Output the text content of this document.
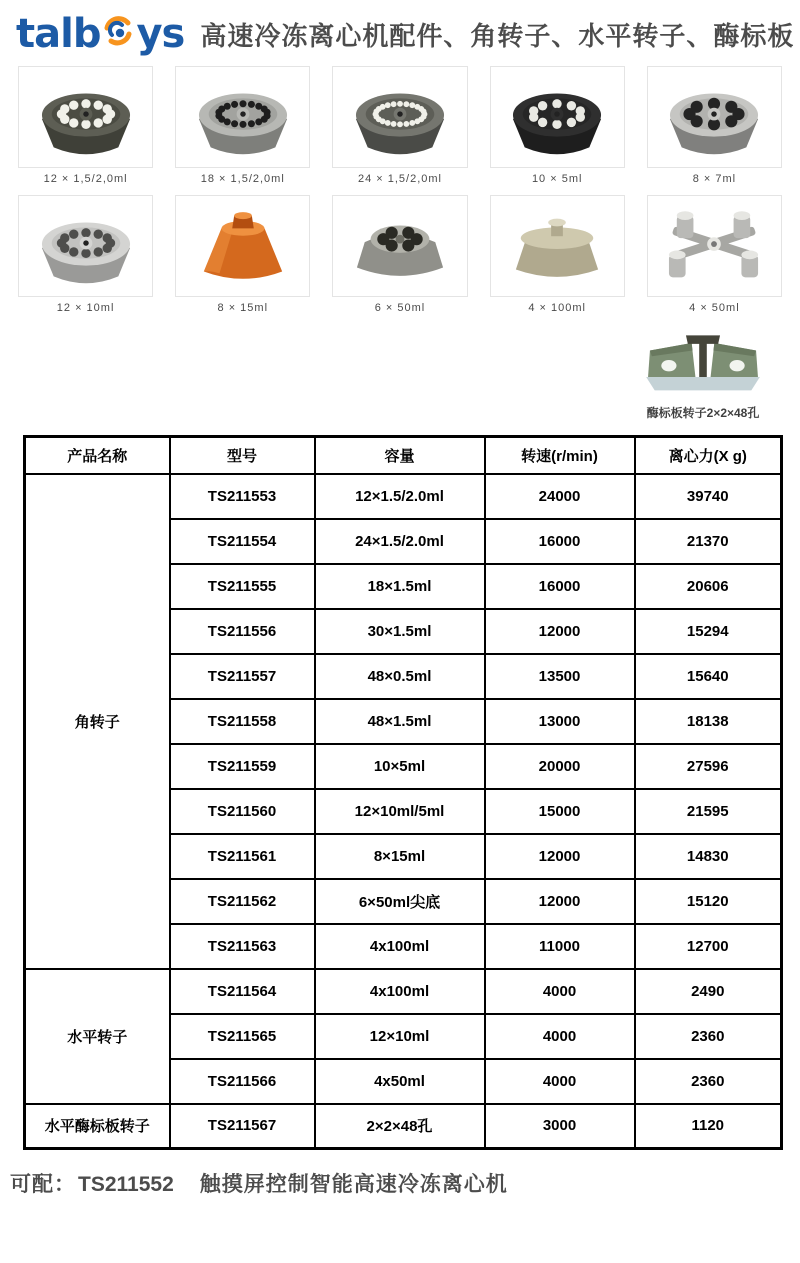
talb ys 高速冷冻离心机配件、角转子、水平转子、酶标板
12 × 1,5/2,0ml	18 × 1,5/2,0ml	24 × 1,5/2,0ml	10 × 5ml	8 × 7ml
12 × 10ml	8 × 15ml	6 × 50ml	4 × 100ml	4 × 50ml
酶标板转子2×2×48孔
产品名称	型号	容量	转速(r/min)	离心力(X g)
角转子	TS211553	12×1.5/2.0ml	24000	39740
	TS211554	24×1.5/2.0ml	16000	21370
	TS211555	18×1.5ml	16000	20606
	TS211556	30×1.5ml	12000	15294
	TS211557	48×0.5ml	13500	15640
	TS211558	48×1.5ml	13000	18138
	TS211559	10×5ml	20000	27596
	TS211560	12×10ml/5ml	15000	21595
	TS211561	8×15ml	12000	14830
	TS211562	6×50ml尖底	12000	15120
	TS211563	4x100ml	11000	12700
水平转子	TS211564	4x100ml	4000	2490
	TS211565	12×10ml	4000	2360
	TS211566	4x50ml	4000	2360
水平酶标板转子	TS211567	2×2×48孔	3000	1120
可配：TS211552 触摸屏控制智能高速冷冻离心机
